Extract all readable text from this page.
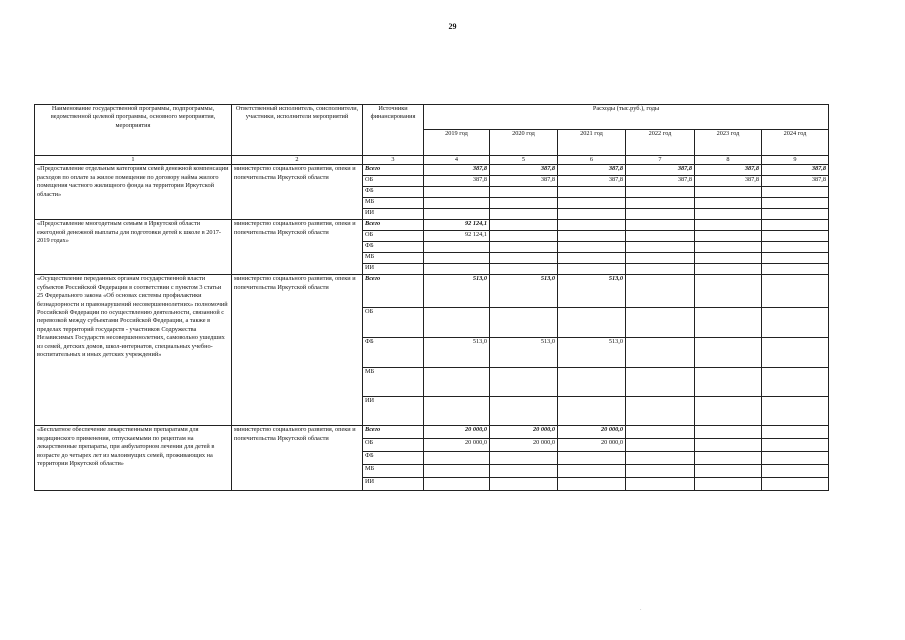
29
Наименование государственной программы, подпрограммы, ведомственной целевой программы, основного мероприятия, мероприятия	Ответственный исполнитель, соисполнители, участники, исполнители мероприятий	Источники финансирования	Расходы (тыс.руб.), годы					
			2019 год	2020 год	2021 год	2022 год	2023 год	2024 год
1	2	3	4	5	6	7	8	9
«Предоставление отдельным категориям семей денежной компенсации расходов по оплате за жилое помещение по договору найма жилого помещения частного жилищного фонда на территории Иркутской области»	министерство социального развития, опеки и попечительства Иркутской области	Всего	387,8	387,8	387,8	387,8	387,8	387,8
		ОБ	387,8	387,8	387,8	387,8	387,8	387,8
		ФБ						
		МБ						
		ИИ						
«Предоставление многодетным семьям в Иркутской области ежегодной денежной выплаты для подготовки детей к школе в 2017-2019 годах»	министерство социального развития, опеки и попечительства Иркутской области	Всего	92 124,1					
		ОБ	92 124,1					
		ФБ						
		МБ						
		ИИ						
«Осуществление переданных органам государственной власти субъектов Российской Федерации в соответствии с пунктом 3 статьи 25 Федерального закона «Об основах системы профилактики безнадзорности и правонарушений несовершеннолетних» полномочий Российской Федерации по осуществлению деятельности, связанной с перевозкой между субъектами Российской Федерации, а также в пределах территорий государств - участников Содружества Независимых Государств несовершеннолетних, самовольно ушедших из семей, детских домов, школ-интернатов, специальных учебно-воспитательных и иных детских учреждений»	министерство социального развития, опеки и попечительства Иркутской области	Всего	513,0	513,0	513,0			
		ОБ						
		ФБ	513,0	513,0	513,0			
		МБ						
		ИИ						
«Бесплатное обеспечение лекарственными препаратами для медицинского применения, отпускаемыми по рецептам на лекарственные препараты, при амбулаторном лечении для детей в возрасте до четырех лет из малоимущих семей, проживающих на территории Иркутской области»	министерство социального развития, опеки и попечительства Иркутской области	Всего	20 000,0	20 000,0	20 000,0			
		ОБ	20 000,0	20 000,0	20 000,0			
		ФБ						
		МБ						
		ИИ						
.
